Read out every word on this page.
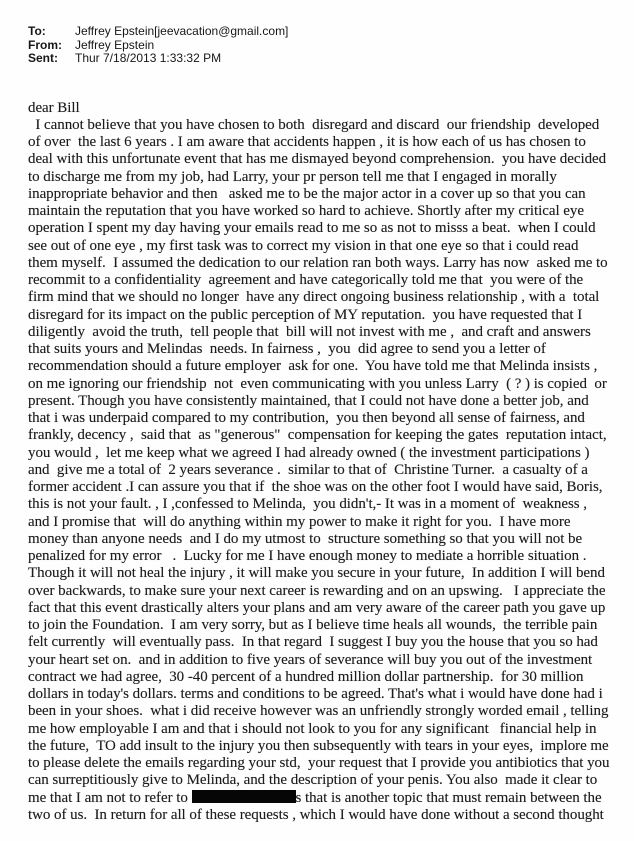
To: Jeffrey Epstein[jeevacation@gmail.com]
From: Jeffrey Epstein
Sent: Thur 7/18/2013 1:33:32 PM
dear Bill

I cannot believe that you have chosen to both  disregard and discard  our friendship  developed of over  the last 6 years . I am aware that accidents happen , it is how each of us has chosen to deal with this unfortunate event that has me dismayed beyond comprehension.  you have decided to discharge me from my job, had Larry, your pr person tell me that I engaged in morally inappropriate behavior and then   asked me to be the major actor in a cover up so that you can maintain the reputation that you have worked so hard to achieve. Shortly after my critical eye operation I spent my day having your emails read to me so as not to misss a beat.  when I could see out of one eye , my first task was to correct my vision in that one eye so that i could read them myself.  I assumed the dedication to our relation ran both ways. Larry has now  asked me to recommit to a confidentiality  agreement and have categorically told me that  you were of the firm mind that we should no longer  have any direct ongoing business relationship , with a  total disregard for its impact on the public perception of MY reputation.  you have requested that I diligently  avoid the truth,  tell people that  bill will not invest with me ,  and craft and answers that suits yours and Melindas  needs. In fairness ,  you  did agree to send you a letter of recommendation should a future employer  ask for one.  You have told me that Melinda insists , on me ignoring our friendship  not  even communicating with you unless Larry  ( ? ) is copied  or present. Though you have consistently maintained, that I could not have done a better job, and that i was underpaid compared to my contribution,  you then beyond all sense of fairness, and frankly, decency ,  said that  as "generous"  compensation for keeping the gates  reputation intact, you would ,  let me keep what we agreed I had already owned ( the investment participations ) and  give me a total of  2 years severance .  similar to that of  Christine Turner.  a casualty of a former accident .I can assure you that if  the shoe was on the other foot I would have said, Boris, this is not your fault. , I ,confessed to Melinda,  you didn't,- It was in a moment of  weakness , and I promise that  will do anything within my power to make it right for you.  I have more money than anyone needs  and I do my utmost to  structure something so that you will not be penalized for my error   .  Lucky for me I have enough money to mediate a horrible situation .  Though it will not heal the injury , it will make you secure in your future,  In addition I will bend over backwards, to make sure your next career is rewarding and on an upswing.   I appreciate the fact that this event drastically alters your plans and am very aware of the career path you gave up to join the Foundation.  I am very sorry, but as I believe time heals all wounds,  the terrible pain felt currently  will eventually pass.  In that regard  I suggest I buy you the house that you so had your heart set on.  and in addition to five years of severance will buy you out of the investment contract we had agree,  30 -40 percent of a hundred million dollar partnership.  for 30 million dollars in today's dollars. terms and conditions to be agreed. That's what i would have done had i been in your shoes.  what i did receive however was an unfriendly strongly worded email , telling me how employable I am and that i should not look to you for any significant   financial help in the future,  TO add insult to the injury you then subsequently with tears in your eyes,  implore me to please delete the emails regarding your std,  your request that I provide you antibiotics that you can surreptitiously give to Melinda, and the description of your penis. You also  made it clear to me that I am not to refer to	s that is another topic that must remain between the two of us.  In return for all of these requests , which I would have done without a second thought
